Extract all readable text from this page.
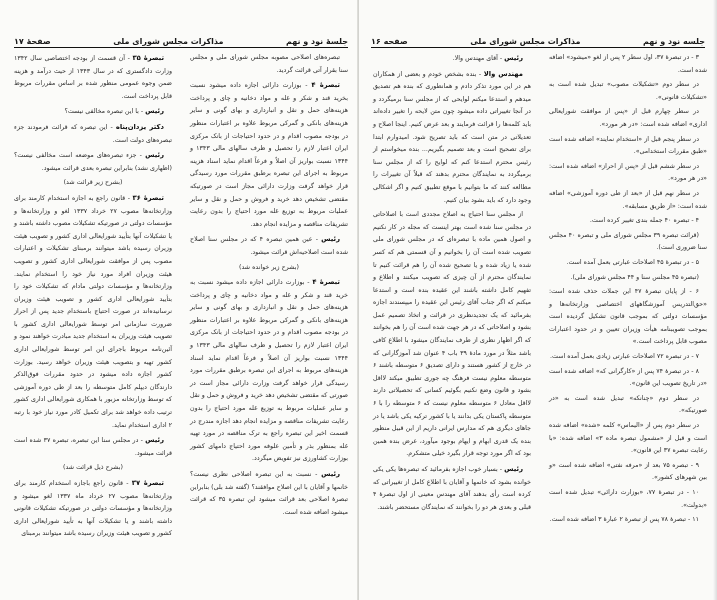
جلسهٔ نود و نهم
مذاکرات مجلس شورای ملی
صفحهٔ ۱۷

تبصره‌های اصلاحی مصوبه مجلس شورای ملی و مجلس سنا بقرار آتی قرائت گردید.

تبصرهٔ ۴ - بوزارت دارائی اجازه داده میشود نسبت بخرید قند و شکر و غله و مواد دخانیه و چای و پرداخت هزینه‌های حمل و نقل و انبارداری و بهای گونی و سایر هزینه‌های بانکی و گمرکی مربوط علاوه بر اعتبارات منظور در بودجه مصوب اقدام و در حدود احتیاجات از بانک مرکزی ایران اعتبار لازم را تحصیل و ظرف سالهای مالی ۱۳۴۳ و ۱۳۴۴ نسبت بواریز آن اصلاً و فرعاً اقدام نماید اسناد هزینه مربوط به اجرای این تبصره برطبق مقررات مورد رسیدگی قرار خواهد گرفت وزارت دارائی مجاز است در صورتیکه مقتضی تشخیص دهد خرید و فروش و حمل و نقل و سایر عملیات مربوط به توزیع غله مورد احتیاج را بدون رعایت تشریفات مناقصه و مزایده انجام دهد.

رئیس - عین همین تبصره ۴ که در مجلس سنا اصلاح شده است اصلاحیه‌اش قرائت میشود.

(بشرح زیر خوانده شد)

تبصرهٔ ۴ - بوزارت دارائی اجازه داده میشود نسبت به خرید قند و شکر و غله و مواد دخانیه و چای و پرداخت هزینه‌های حمل و نقل و انبارداری و بهای گونی و سایر هزینه‌های بانکی و گمرکی مربوط علاوه بر اعتبارات منظور در بودجه مصوب اقدام و در حدود احتیاجات از بانک مرکزی ایران اعتبار لازم را تحصیل و ظرف سالهای مالی ۱۳۴۳ و ۱۳۴۴ نسبت بواریز آن اصلاً و فرعاً اقدام نماید اسناد هزینه‌های مربوط به اجرای این تبصره برطبق مقررات مورد رسیدگی قرار خواهد گرفت وزارت دارائی مجاز است در صورتی که مقتضی تشخیص دهد خرید و فروش و حمل و نقل و سایر عملیات مربوط به توزیع غله مورد احتیاج را بدون رعایت تشریفات مناقصه و مزایده انجام دهد اجازه مندرج در قسمت اخیر این تبصره راجع به ترک مناقصه در مورد تهیه غله بمنظور بذر و تأمین علوفه مورد احتیاج دامهای کشور بوزارت کشاورزی نیز تفویض میگردد.

رئیس - نسبت به این تبصره اصلاحی نظری نیست؟ خانمها و آقایان با این اصلاح موافقند؟ (گفته شد بلی) بنابراین تبصرهٔ اصلاحی بعد قرائت میشود این تبصره ۳۵ که قرائت میشود اضافه شده است.

تبصرهٔ ۳۵ - آن قسمت از بودجه اختصاصی سال ۱۳۴۲ وزارت دادگستری که در سال ۱۳۴۳ از حیث درآمد و هزینه ضمن وجوه عمومی منظور شده بر اساس مقررات مربوط قابل پرداخت است.

رئیس - با این تبصره مخالفی نیست؟

دکتر یزدان‌پناه - این تبصره که قرائت فرمودند جزء تبصره‌های دولت است.

رئیس - جزء تبصره‌های موضعه است مخالفی نیست؟ (اظهاری نشد) بنابراین تبصره بعدی قرائت میشود.

(بشرح زیر قرائت شد)

تبصرهٔ ۳۶ - قانون راجع به اجازه استخدام کارمند برای وزارتخانه‌ها مصوب ۲۷ خرداد ۱۳۳۷ لغو و وزارتخانه‌ها و مؤسسات دولتی در صورتیکه تشکیلات مصوب داشته باشند و یا تشکیلات آنها بتأیید شورایعالی اداری کشور و تصویب هیئت وزیران رسیده باشد میتوانند برمبنای تشکیلات و اعتبارات مصوب پس از موافقت شورایعالی اداری کشور و تصویب هیئت وزیران افراد مورد نیاز خود را استخدام نمایند. وزارتخانه‌ها و مؤسسات دولتی مادام که تشکیلات خود را بتأیید شورایعالی اداری کشور و تصویب هیئت وزیران نرسانیده‌اند در صورت احتیاج باستخدام جدید پس از احراز ضرورت سازمانی امر توسط شورایعالی اداری کشور با تصویب هیئت وزیران به استخدام جدید مبادرت خواهند نمود و آئین‌نامه مربوط باجرای این امر توسط شورایعالی اداری کشور تهیه و بتصویب هیئت وزیران خواهد رسید. بوزارت کشور اجازه داده میشود در حدود مقررات فوق‌الذکر دارندگان دیپلم کامل متوسطه را بعد از طی دوره آموزشی که توسط وزارتخانه مزبور با همکاری شورایعالی اداری کشور ترتیب داده خواهد شد برای تکمیل کادر مورد نیاز خود با رتبه ۲ اداری استخدام نماید.

رئیس - در مجلس سنا این تبصره، تبصره ۳۷ شده است قرائت میشود.

(بشرح ذیل قرائت شد)

تبصرهٔ ۳۷ - قانون راجع باجازه استخدام کارمند برای وزارتخانه‌ها مصوب ۲۷ خرداد ماه ۱۳۳۷ لغو میشود و وزارتخانه‌ها و مؤسسات دولتی در صورتیکه تشکیلات قانونی داشته باشند و یا تشکیلات آنها به تأیید شورایعالی اداری کشور و تصویب هیئت وزیران رسیده باشد میتوانند برمبنای

جلسه نود و نهم
مذاکرات مجلس شورای ملی
صفحه ۱۶

۳ - در تبصرهٔ ۳۷، اول سطر ۲ پس از لغو «میشود» اضافه شده است.

در سطر دوم «تشکیلات مصوب» تبدیل شده است به «تشکیلات قانونی».

در سطر چهارم قبل از «پس از موافقت شورایعالی اداری» اضافه شده است: «در هر مورد».

در سطر پنجم قبل از «استخدام نمایند» اضافه شده است «طبق مقررات استخدامی».

در سطر ششم قبل از «پس از احراز» اضافه شده است: «در هر مورد».

در سطر نهم قبل از «بعد از طی دوره آموزشی» اضافه شده است: «از طریق مسابقه».

۴ - تبصره ۴۰ جمله بندی تغییر کرده است.

(قرائت تبصره ۳۹ مجلس شورای ملی و تبصره ۴۰ مجلس سنا ضروری است).

۵ - در تبصرهٔ ۴۵ اصلاحات عبارتی بعمل آمده است.

(تبصره ۴۵ مجلس سنا و ۴۴ مجلس شورای ملی).

۶ - از پایان تبصرهٔ ۴۷ این جملات حذف شده است: «حق‌التدریس آموزشگاههای اختصاصی وزارتخانه‌ها و مؤسسات دولتی که بموجب قانون تشکیل گردیده است بموجب تصویبنامه هیأت وزیران تعیین و در حدود اعتبارات مصوب قابل پرداخت است.»

۷ - در تبصره ۷۲ اصلاحات عبارتی زیادی بعمل آمده است.

۸ - در تبصرهٔ ۷۴ پس از «کارگرانی که» اضافه شده است «در تاریخ تصویب این قانون».

در سطر دوم «چنانکه» تبدیل شده است به «در صورتیکه».

در سطر دوم پس از «الیماس» کلمه «شده» اضافه شده است و قبل از «مشمول تبصره ماده ۳» اضافه شده: «با رعایت تبصره ۳۷ این قانون».

۹ - تبصره ۷۵ بعد از «مرفه نفتی» اضافه شده است «و بین شهرهای کشور».

۱۰ - در تبصرهٔ ۷۷، «بوزارت دارائی» تبدیل شده است «بدولت».

۱۱ - تبصرهٔ ۷۸ پس از تبصرهٔ ۲ عبارهٔ ۳ اضافه شده است.

رئیس - آقای مهندس والا.

مهندس والا - بنده بشخص خودم و بعضی از همکاران هم در این مورد تذکر دادم و همانطوری که بنده هم تصدیق میدهم و استدعا میکنم لوایحی که از مجلس سنا برمیگردد و در آنجا تغییراتی داده میشود چون متن لایحه را تغییر داده‌اند باید کلمه‌ها را قرائت فرمایند و بعد عرض کنیم. اینجا اصلاح و تعدیلاتی در متن است که باید تصریح شود. امیدوارم ابتدا برای تصحیح است و بعد تصمیم بگیریم... بنده میخواستم از رئیس محترم استدعا کنم که لوایح را که از مجلس سنا برمیگردد به نمایندگان محترم بدهند که قبلاً آن تغییرات را مطالعه کنند که ما بتوانیم با موقع تطبیق کنیم و اگر اشکالی وجود دارد که باید بشود بیان کنیم.

از مجلس سنا احتیاج به اصلاح مجددی است با اصلاحاتی در مجلس سنا شده است بهتر اینست که مجله در کار نکنیم و اصول همین ماده با تبصره‌ای که در مجلس شورای ملی تصویب شده است آن را بخوانیم و آن قسمتی هم که کسر شده یا زیاد شده و یا تصحیح شده آن را هم قرائت کنیم تا نمایندگان محترم از آن چیزی که تصویب میکنند و اطلاع و تفهیم کامل داشته باشند این عقیده بنده است و استدعا میکنم که اگر جناب آقای رئیس این عقیده را میپسندند اجازه بفرمائید که یک تجدیدنظری در قرائت و اتخاذ تصمیم عمل بشود و اصلاحاتی که در هر جهت شده است آن را هم بخوانند که اگر اظهار نظری از طرف نمایندگان میشود با اطلاع کافی باشد مثلاً در مورد مادهٔ ۳۹ باب ۴ عنوان شد آموزگارانی که در خارج از کشور هستند و دارای تصدیق ۶ متوسطه باشند ۶ متوسطه معلوم نیست فرهنگ چه جوری تطبیق میکند لااقل بشود و قانون وضع نکنیم بگوئیم کسانی که تحصیلاتی دارند لااقل معادل ۶ متوسطه معلوم نیست که ۶ متوسطه را با ۶ متوسطه پاکستان یکی بدانند یا با کشور ترکیه یکی باشد یا در جاهای دیگری هم که مدارس ایرانی داریم از این قبیل منظور بنده یک قدری ابهام و ایهام بوجود میآورد، عرض بنده همین بود که اگر مورد توجه قرار بگیرد خیلی متشکرم.

رئیس - بسیار خوب اجازه بفرمائید که تبصره‌ها یکی یکی خوانده بشود که خانمها و آقایان با اطلاع کامل از تغییراتی که کرده است رأی بدهند آقای مهندس معینی از اول تبصرهٔ ۴ قبلی و بعدی هر دو را بخوانند که نمایندگان مستحضر باشند.
